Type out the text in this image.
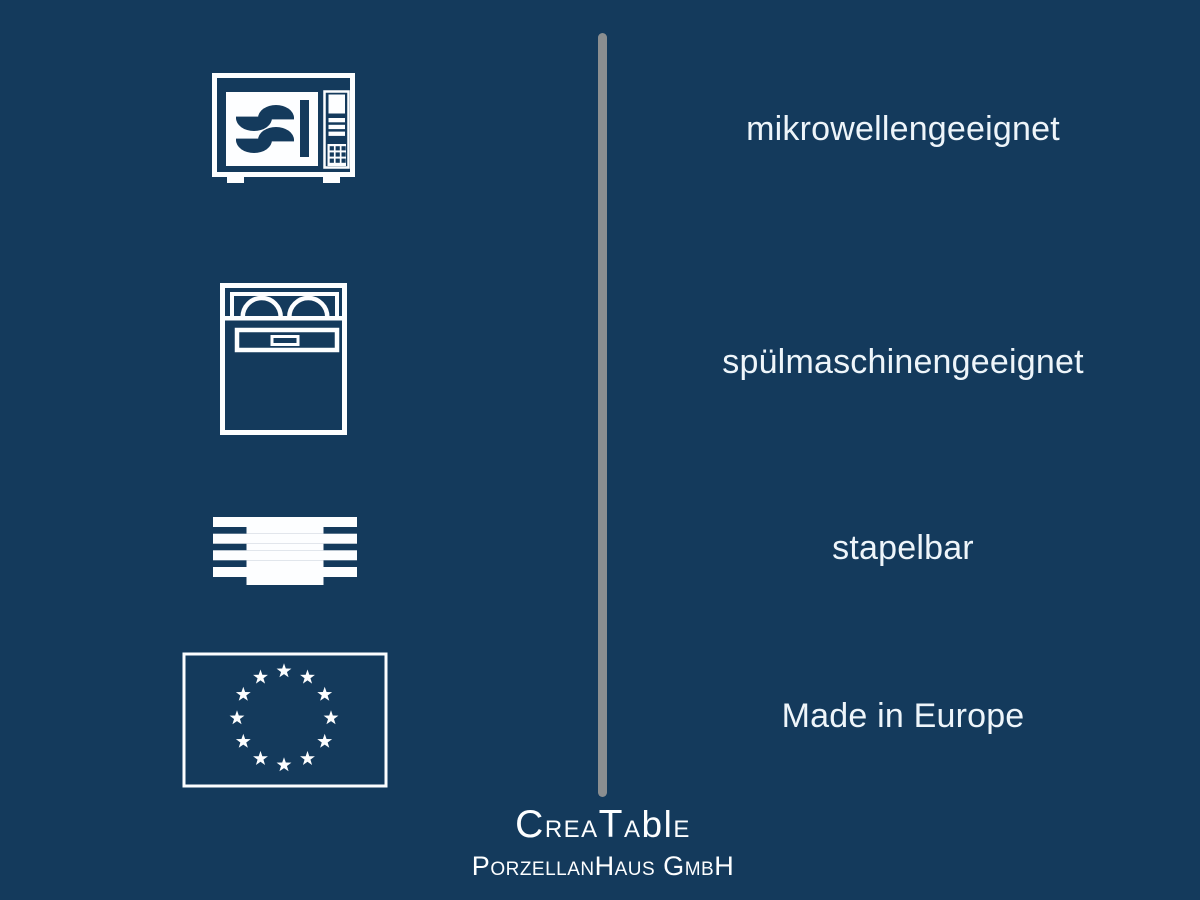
mikrowellengeeignet
spülmaschinengeeignet
stapelbar
Made in Europe
CREATAblE
PorzellanHaus GmbH
